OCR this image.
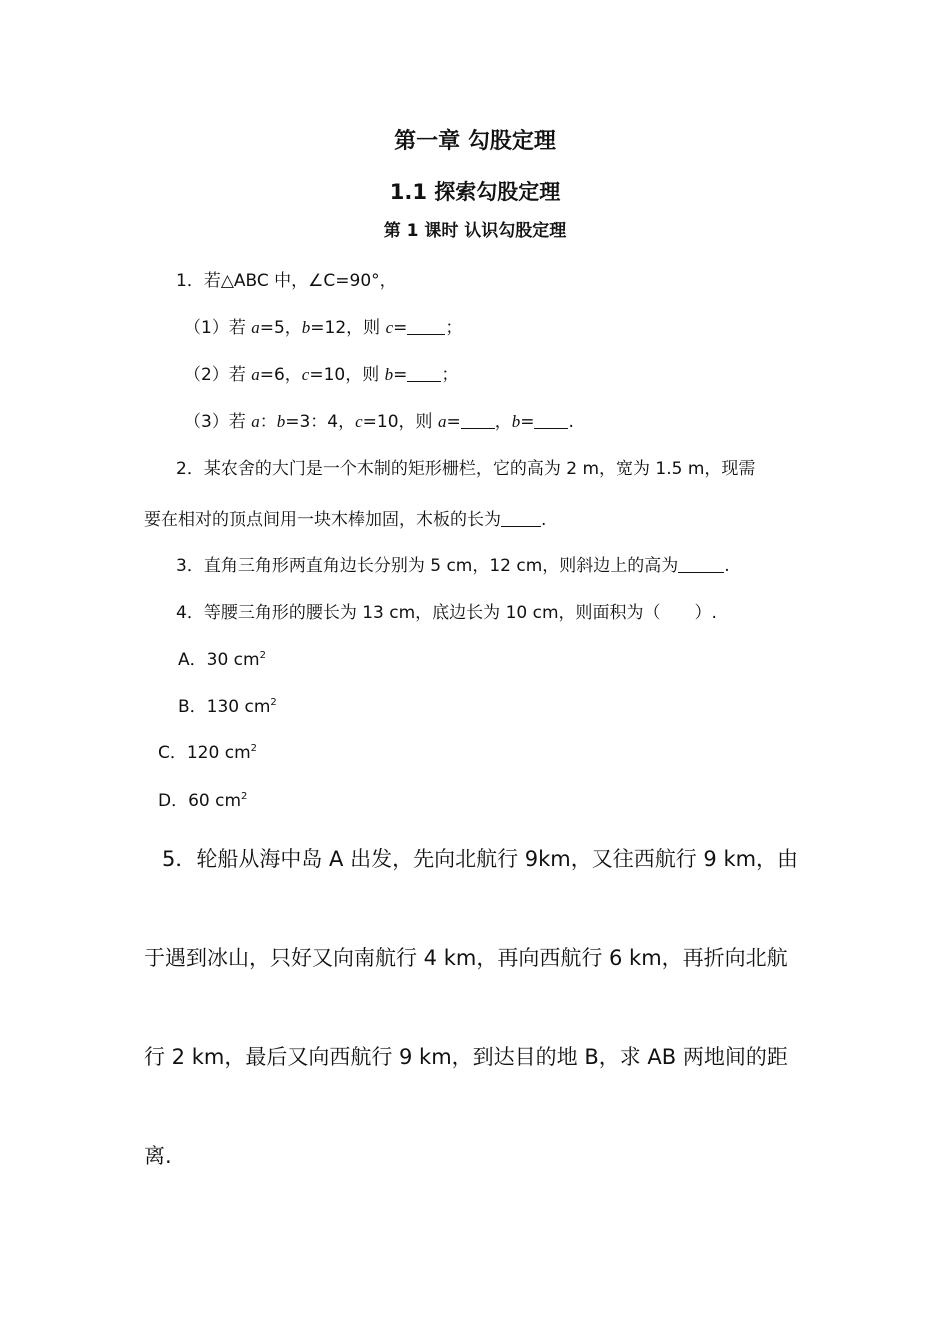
第一章 勾股定理
1.1 探索勾股定理
第 1 课时 认识勾股定理
1．若△ABC 中，∠C=90°，
（1）若 a=5，b=12，则 c= ；
（2）若 a=6，c=10，则 b= ；
（3）若 a：b=3：4，c=10，则 a= ，b= .
2．某农舍的大门是一个木制的矩形栅栏，它的高为 2 m，宽为 1.5 m，现需
要在相对的顶点间用一块木棒加固，木板的长为 .
3．直角三角形两直角边长分别为 5 cm，12 cm，则斜边上的高为	.
4．等腰三角形的腰长为 13 cm，底边长为 10 cm，则面积为（　　）.
A．30 $cm^2$
B．130 $cm^2$
C．120 $cm^2$
D．60 $cm^2$
5．轮船从海中岛 A 出发，先向北航行 9km，又往西航行 9 km，由
于遇到冰山，只好又向南航行 4 km，再向西航行 6 km，再折向北航
行 2 km，最后又向西航行 9 km，到达目的地 B，求 AB 两地间的距
离.
